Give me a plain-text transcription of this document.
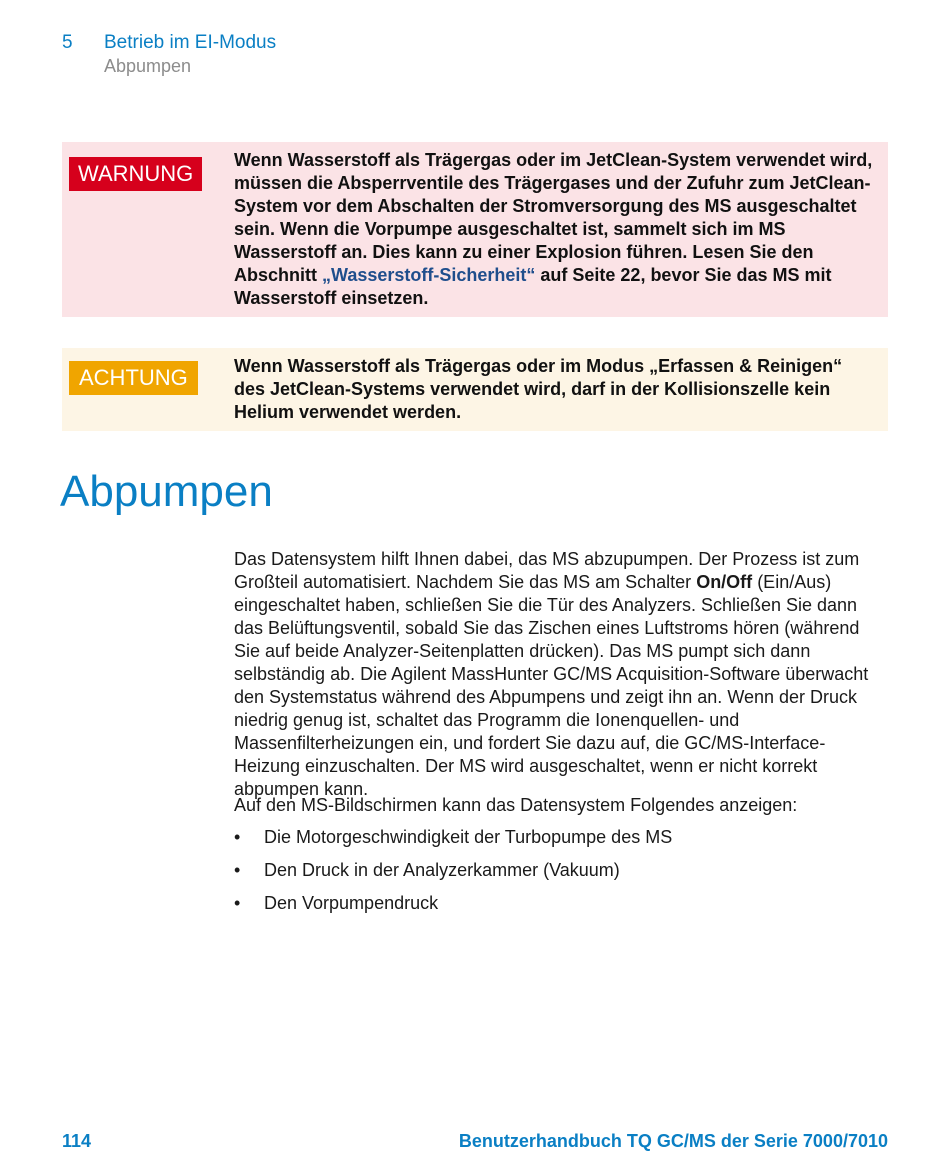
5 Betrieb im EI-Modus
Abpumpen
WARNUNG
Wenn Wasserstoff als Trägergas oder im JetClean-System verwendet wird, müssen die Absperrventile des Trägergases und der Zufuhr zum JetClean-System vor dem Abschalten der Stromversorgung des MS ausgeschaltet sein. Wenn die Vorpumpe ausgeschaltet ist, sammelt sich im MS Wasserstoff an. Dies kann zu einer Explosion führen. Lesen Sie den Abschnitt „Wasserstoff-Sicherheit“ auf Seite 22, bevor Sie das MS mit Wasserstoff einsetzen.
ACHTUNG	Wenn Wasserstoff als Trägergas oder im Modus „Erfassen & Reinigen“ des JetClean-Systems verwendet wird, darf in der Kollisionszelle kein Helium verwendet werden.
Abpumpen
Das Datensystem hilft Ihnen dabei, das MS abzupumpen. Der Prozess ist zum Großteil automatisiert. Nachdem Sie das MS am Schalter On/Off (Ein/Aus) eingeschaltet haben, schließen Sie die Tür des Analyzers. Schließen Sie dann das Belüftungsventil, sobald Sie das Zischen eines Luftstroms hören (während Sie auf beide Analyzer-Seitenplatten drücken). Das MS pumpt sich dann selbständig ab. Die Agilent MassHunter GC/MS Acquisition-Software überwacht den Systemstatus während des Abpumpens und zeigt ihn an. Wenn der Druck niedrig genug ist, schaltet das Programm die Ionenquellen- und Massenfilterheizungen ein, und fordert Sie dazu auf, die GC/MS-Interface-Heizung einzuschalten. Der MS wird ausgeschaltet, wenn er nicht korrekt abpumpen kann.
Auf den MS-Bildschirmen kann das Datensystem Folgendes anzeigen:
• Die Motorgeschwindigkeit der Turbopumpe des MS
• Den Druck in der Analyzerkammer (Vakuum)
• Den Vorpumpendruck
114	Benutzerhandbuch TQ GC/MS der Serie 7000/7010
